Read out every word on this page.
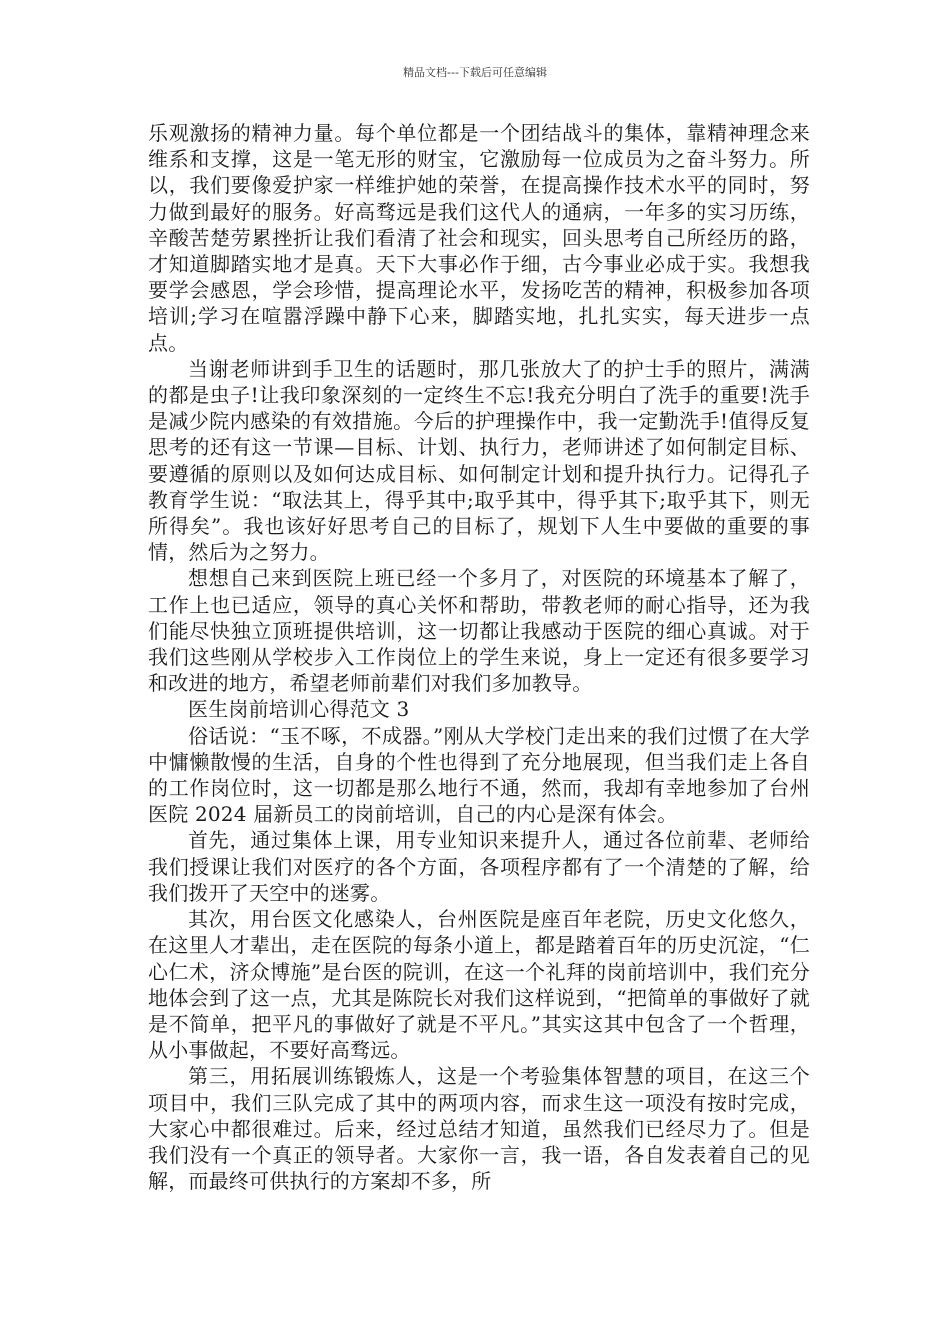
精品文档---下载后可任意编辑

乐观激扬的精神力量。每个单位都是一个团结战斗的集体，靠精神理念来维系和支撑，这是一笔无形的财宝，它激励每一位成员为之奋斗努力。所以，我们要像爱护家一样维护她的荣誉，在提高操作技术水平的同时，努力做到最好的服务。好高骛远是我们这代人的通病，一年多的实习历练，辛酸苦楚劳累挫折让我们看清了社会和现实，回头思考自己所经历的路，才知道脚踏实地才是真。天下大事必作于细，古今事业必成于实。我想我要学会感恩，学会珍惜，提高理论水平，发扬吃苦的精神，积极参加各项培训;学习在喧嚣浮躁中静下心来，脚踏实地，扎扎实实，每天进步一点点。

当谢老师讲到手卫生的话题时，那几张放大了的护士手的照片，满满的都是虫子!让我印象深刻的一定终生不忘!我充分明白了洗手的重要!洗手是减少院内感染的有效措施。今后的护理操作中，我一定勤洗手!值得反复思考的还有这一节课—目标、计划、执行力，老师讲述了如何制定目标、要遵循的原则以及如何达成目标、如何制定计划和提升执行力。记得孔子教育学生说：“取法其上，得乎其中;取乎其中，得乎其下;取乎其下，则无所得矣”。我也该好好思考自己的目标了，规划下人生中要做的重要的事情，然后为之努力。

想想自己来到医院上班已经一个多月了，对医院的环境基本了解了，工作上也已适应，领导的真心关怀和帮助，带教老师的耐心指导，还为我们能尽快独立顶班提供培训，这一切都让我感动于医院的细心真诚。对于我们这些刚从学校步入工作岗位上的学生来说，身上一定还有很多要学习和改进的地方，希望老师前辈们对我们多加教导。

医生岗前培训心得范文 3

俗话说：“玉不啄，不成器。”刚从大学校门走出来的我们过惯了在大学中慵懒散慢的生活，自身的个性也得到了充分地展现，但当我们走上各自的工作岗位时，这一切都是那么地行不通，然而，我却有幸地参加了台州医院 2024 届新员工的岗前培训，自己的内心是深有体会。

首先，通过集体上课，用专业知识来提升人，通过各位前辈、老师给我们授课让我们对医疗的各个方面，各项程序都有了一个清楚的了解，给我们拨开了天空中的迷雾。

其次，用台医文化感染人，台州医院是座百年老院，历史文化悠久，在这里人才辈出，走在医院的每条小道上，都是踏着百年的历史沉淀，“仁心仁术，济众博施”是台医的院训，在这一个礼拜的岗前培训中，我们充分地体会到了这一点，尤其是陈院长对我们这样说到，“把简单的事做好了就是不简单，把平凡的事做好了就是不平凡。”其实这其中包含了一个哲理，从小事做起，不要好高骛远。

第三，用拓展训练锻炼人，这是一个考验集体智慧的项目，在这三个项目中，我们三队完成了其中的两项内容，而求生这一项没有按时完成，大家心中都很难过。后来，经过总结才知道，虽然我们已经尽力了。但是我们没有一个真正的领导者。大家你一言，我一语，各自发表着自己的见解，而最终可供执行的方案却不多，所
